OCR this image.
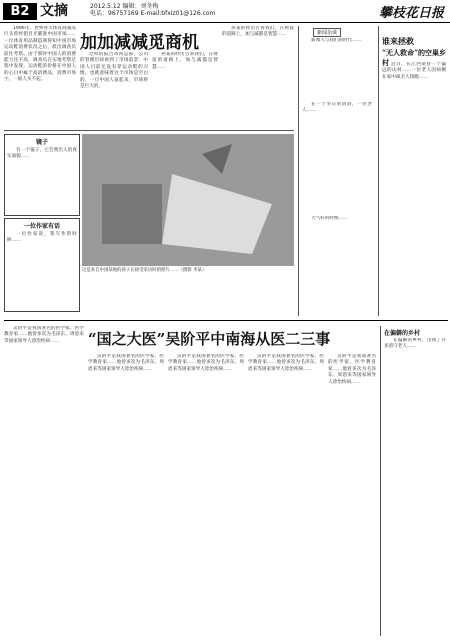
B2 文摘	2012.5.12 编辑：刘冬梅
电话：96757169 E-mail:bfxiz01@126.com	攀枝花日报

1996年，世界各大体育商制品巨头曾经把目光瞄准中国市场……一位体育用品制造商得知中国市场运动鞋消费状况之后，派出调查员前往考察。由于那时中国人的消费能力还不高，调查员在实地考察过程中发现，运动鞋的价格在中国人的心目中属于高消费品，消费市场小，一般人买不起。

加加减减觅商机

这样的报告寄回总部，公司的管理层却看到了市场前景：中国人目前还没有穿运动鞋的习惯，也就意味着这个市场是空白的，一旦中国人富起来，市场将是巨大的。

孙某的经历告诉我们，在财富的道路上，加与减都是智慧……

孙某的经历告诉我们，在财富的道路上，加与减都是智慧……

镜子

有一个镜子，它会照出人的真实面貌……

一位作家有话

一位作家说，我写作的时候……

这是来自中国某地的孩子在接受采访时的照片……（摄影 李某）
新闻杂谈

新闻人与我们的时代……

在一个冬日的清晨，一位老人……

天气好的时候……

谁来拯救
“无人救命”的空巢乡村 近日，在江西某县一个偏远的山村……一位老人因病倒在家中却无人知晓……

吴阶平是我国著名的医学家、医学教育家……他曾多次为毛泽东、周恩来等国家领导人诊治疾病……	“国之大医”吴阶平中南海从医二三事

吴阶平是我国著名的医学家、医学教育家……他曾多次为毛泽东、周恩来等国家领导人诊治疾病……

吴阶平是我国著名的医学家、医学教育家……他曾多次为毛泽东、周恩来等国家领导人诊治疾病……

吴阶平是我国著名的医学家、医学教育家……他曾多次为毛泽东、周恩来等国家领导人诊治疾病……

吴阶平是我国著名的医学家、医学教育家……他曾多次为毛泽东、周恩来等国家领导人诊治疾病……

在偏僻的乡村

在偏僻的乡村，出现了许多留守老人……
